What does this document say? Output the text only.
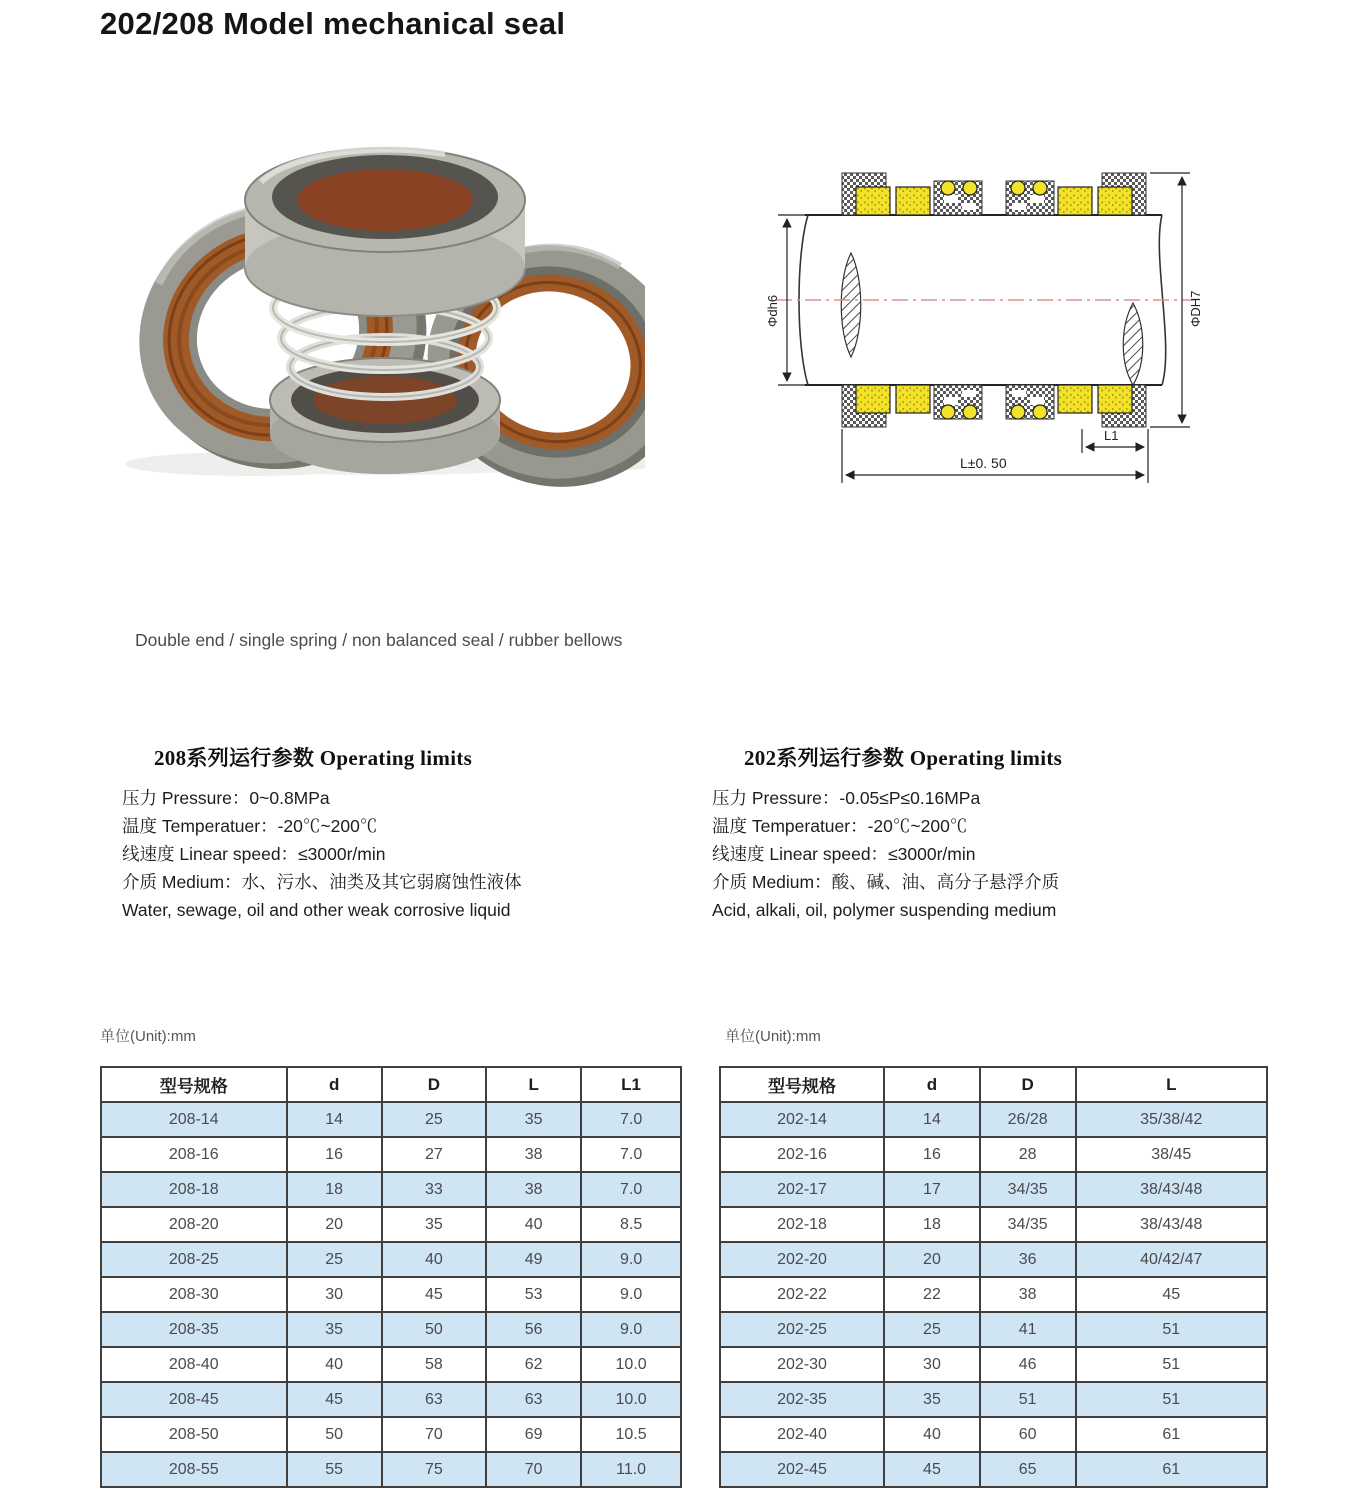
202/208 Model mechanical seal
Φdh6	ΦDH7
L1
L±0. 50
Double end / single spring / non balanced seal / rubber bellows
208系列运行参数 Operating limits
压力 Pressure：0~0.8MPa
温度 Temperatuer：-20℃~200℃
线速度 Linear speed：≤3000r/min
介质 Medium：水、污水、油类及其它弱腐蚀性液体
Water, sewage, oil and other weak corrosive liquid
202系列运行参数 Operating limits
压力 Pressure：-0.05≤P≤0.16MPa
温度 Temperatuer：-20℃~200℃
线速度 Linear speed：≤3000r/min
介质 Medium：酸、碱、油、高分子悬浮介质
Acid, alkali, oil, polymer suspending medium
单位(Unit):mm	单位(Unit):mm
型号规格	d	D	L	L1
208-14	14	25	35	7.0
208-16	16	27	38	7.0
208-18	18	33	38	7.0
208-20	20	35	40	8.5
208-25	25	40	49	9.0
208-30	30	45	53	9.0
208-35	35	50	56	9.0
208-40	40	58	62	10.0
208-45	45	63	63	10.0
208-50	50	70	69	10.5
208-55	55	75	70	11.0
型号规格	d	D	L
202-14	14	26/28	35/38/42
202-16	16	28	38/45
202-17	17	34/35	38/43/48
202-18	18	34/35	38/43/48
202-20	20	36	40/42/47
202-22	22	38	45
202-25	25	41	51
202-30	30	46	51
202-35	35	51	51
202-40	40	60	61
202-45	45	65	61
